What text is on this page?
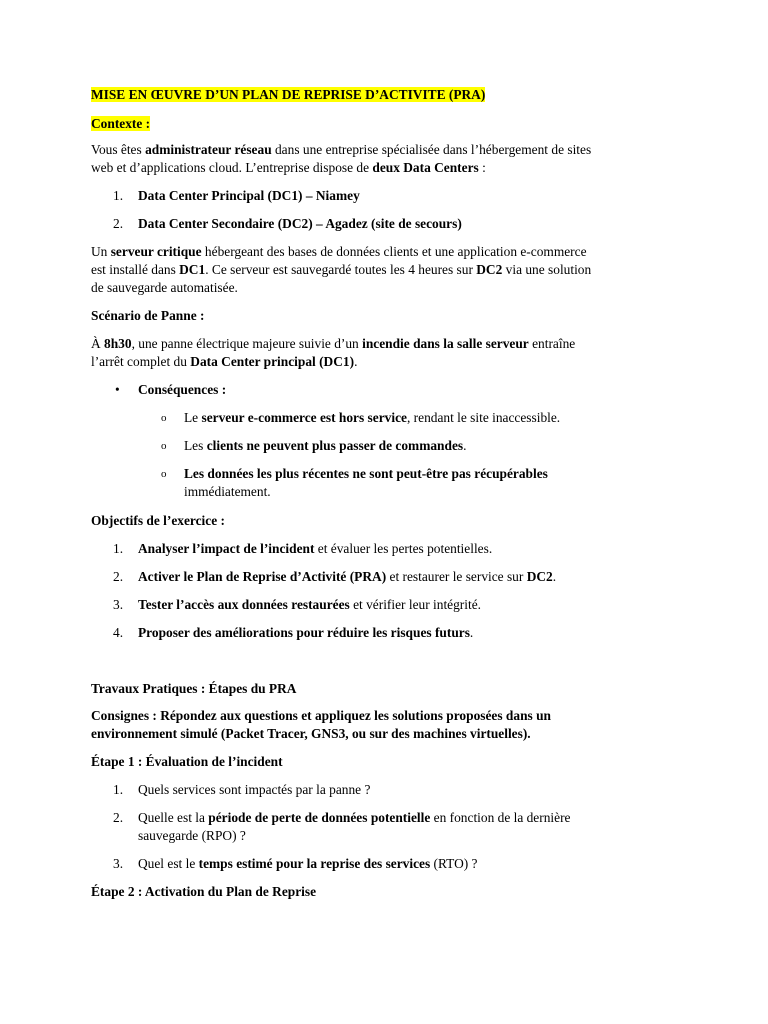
MISE EN ŒUVRE D’UN PLAN DE REPRISE D’ACTIVITE (PRA)

Contexte :

Vous êtes administrateur réseau dans une entreprise spécialisée dans l’hébergement de sites
web et d’applications cloud. L’entreprise dispose de deux Data Centers :

1. Data Center Principal (DC1) – Niamey

2. Data Center Secondaire (DC2) – Agadez (site de secours)

Un serveur critique hébergeant des bases de données clients et une application e-commerce
est installé dans DC1. Ce serveur est sauvegardé toutes les 4 heures sur DC2 via une solution
de sauvegarde automatisée.

Scénario de Panne :

À 8h30, une panne électrique majeure suivie d’un incendie dans la salle serveur entraîne
l’arrêt complet du Data Center principal (DC1).

• Conséquences :

o Le serveur e-commerce est hors service, rendant le site inaccessible.

o Les clients ne peuvent plus passer de commandes.

o Les données les plus récentes ne sont peut-être pas récupérables
immédiatement.

Objectifs de l’exercice :

1. Analyser l’impact de l’incident et évaluer les pertes potentielles.

2. Activer le Plan de Reprise d’Activité (PRA) et restaurer le service sur DC2.

3. Tester l’accès aux données restaurées et vérifier leur intégrité.

4. Proposer des améliorations pour réduire les risques futurs.

Travaux Pratiques : Étapes du PRA

Consignes : Répondez aux questions et appliquez les solutions proposées dans un
environnement simulé (Packet Tracer, GNS3, ou sur des machines virtuelles).

Étape 1 : Évaluation de l’incident

1. Quels services sont impactés par la panne ?

2. Quelle est la période de perte de données potentielle en fonction de la dernière
sauvegarde (RPO) ?

3. Quel est le temps estimé pour la reprise des services (RTO) ?

Étape 2 : Activation du Plan de Reprise
